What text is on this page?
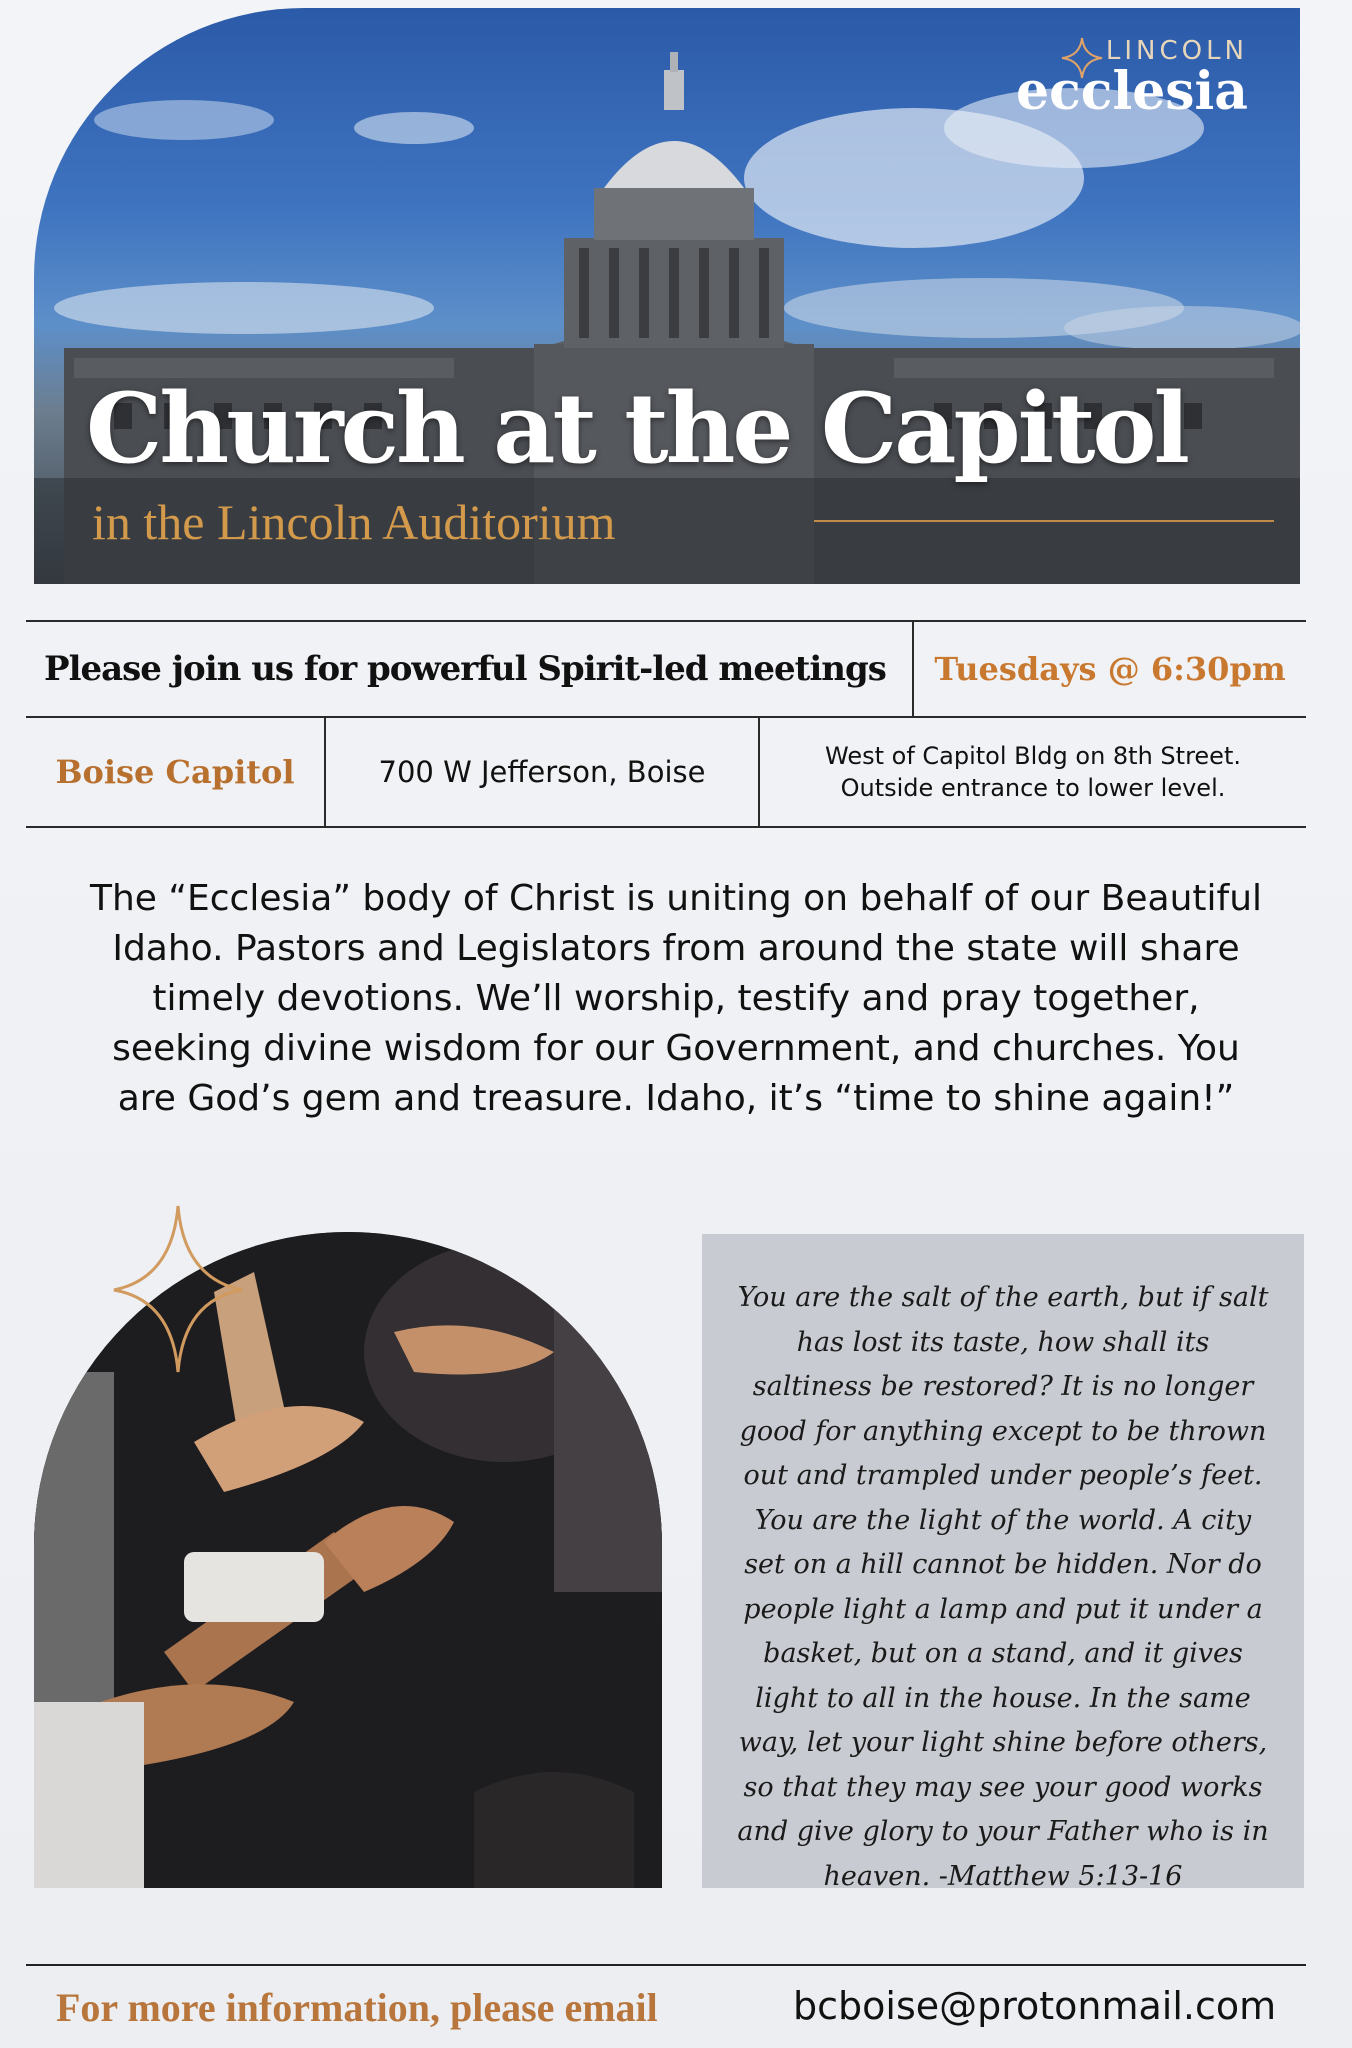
LINCOLN
ecclesia
Church at the Capitol
in the Lincoln Auditorium
Please join us for powerful Spirit-led meetings Tuesdays @ 6:30pm
Boise Capitol	700 W Jefferson, Boise	West of Capitol Bldg on 8th Street.
Outside entrance to lower level.
The “Ecclesia” body of Christ is uniting on behalf of our Beautiful Idaho. Pastors and Legislators from around the state will share timely devotions. We’ll worship, testify and pray together, seeking divine wisdom for our Government, and churches. You are God’s gem and treasure. Idaho, it’s “time to shine again!”
You are the salt of the earth, but if salt has lost its taste, how shall its saltiness be restored? It is no longer good for anything except to be thrown out and trampled under people’s feet. You are the light of the world. A city set on a hill cannot be hidden. Nor do people light a lamp and put it under a basket, but on a stand, and it gives light to all in the house. In the same way, let your light shine before others, so that they may see your good works and give glory to your Father who is in heaven. -Matthew 5:13-16
For more information, please email	bcboise@protonmail.com
